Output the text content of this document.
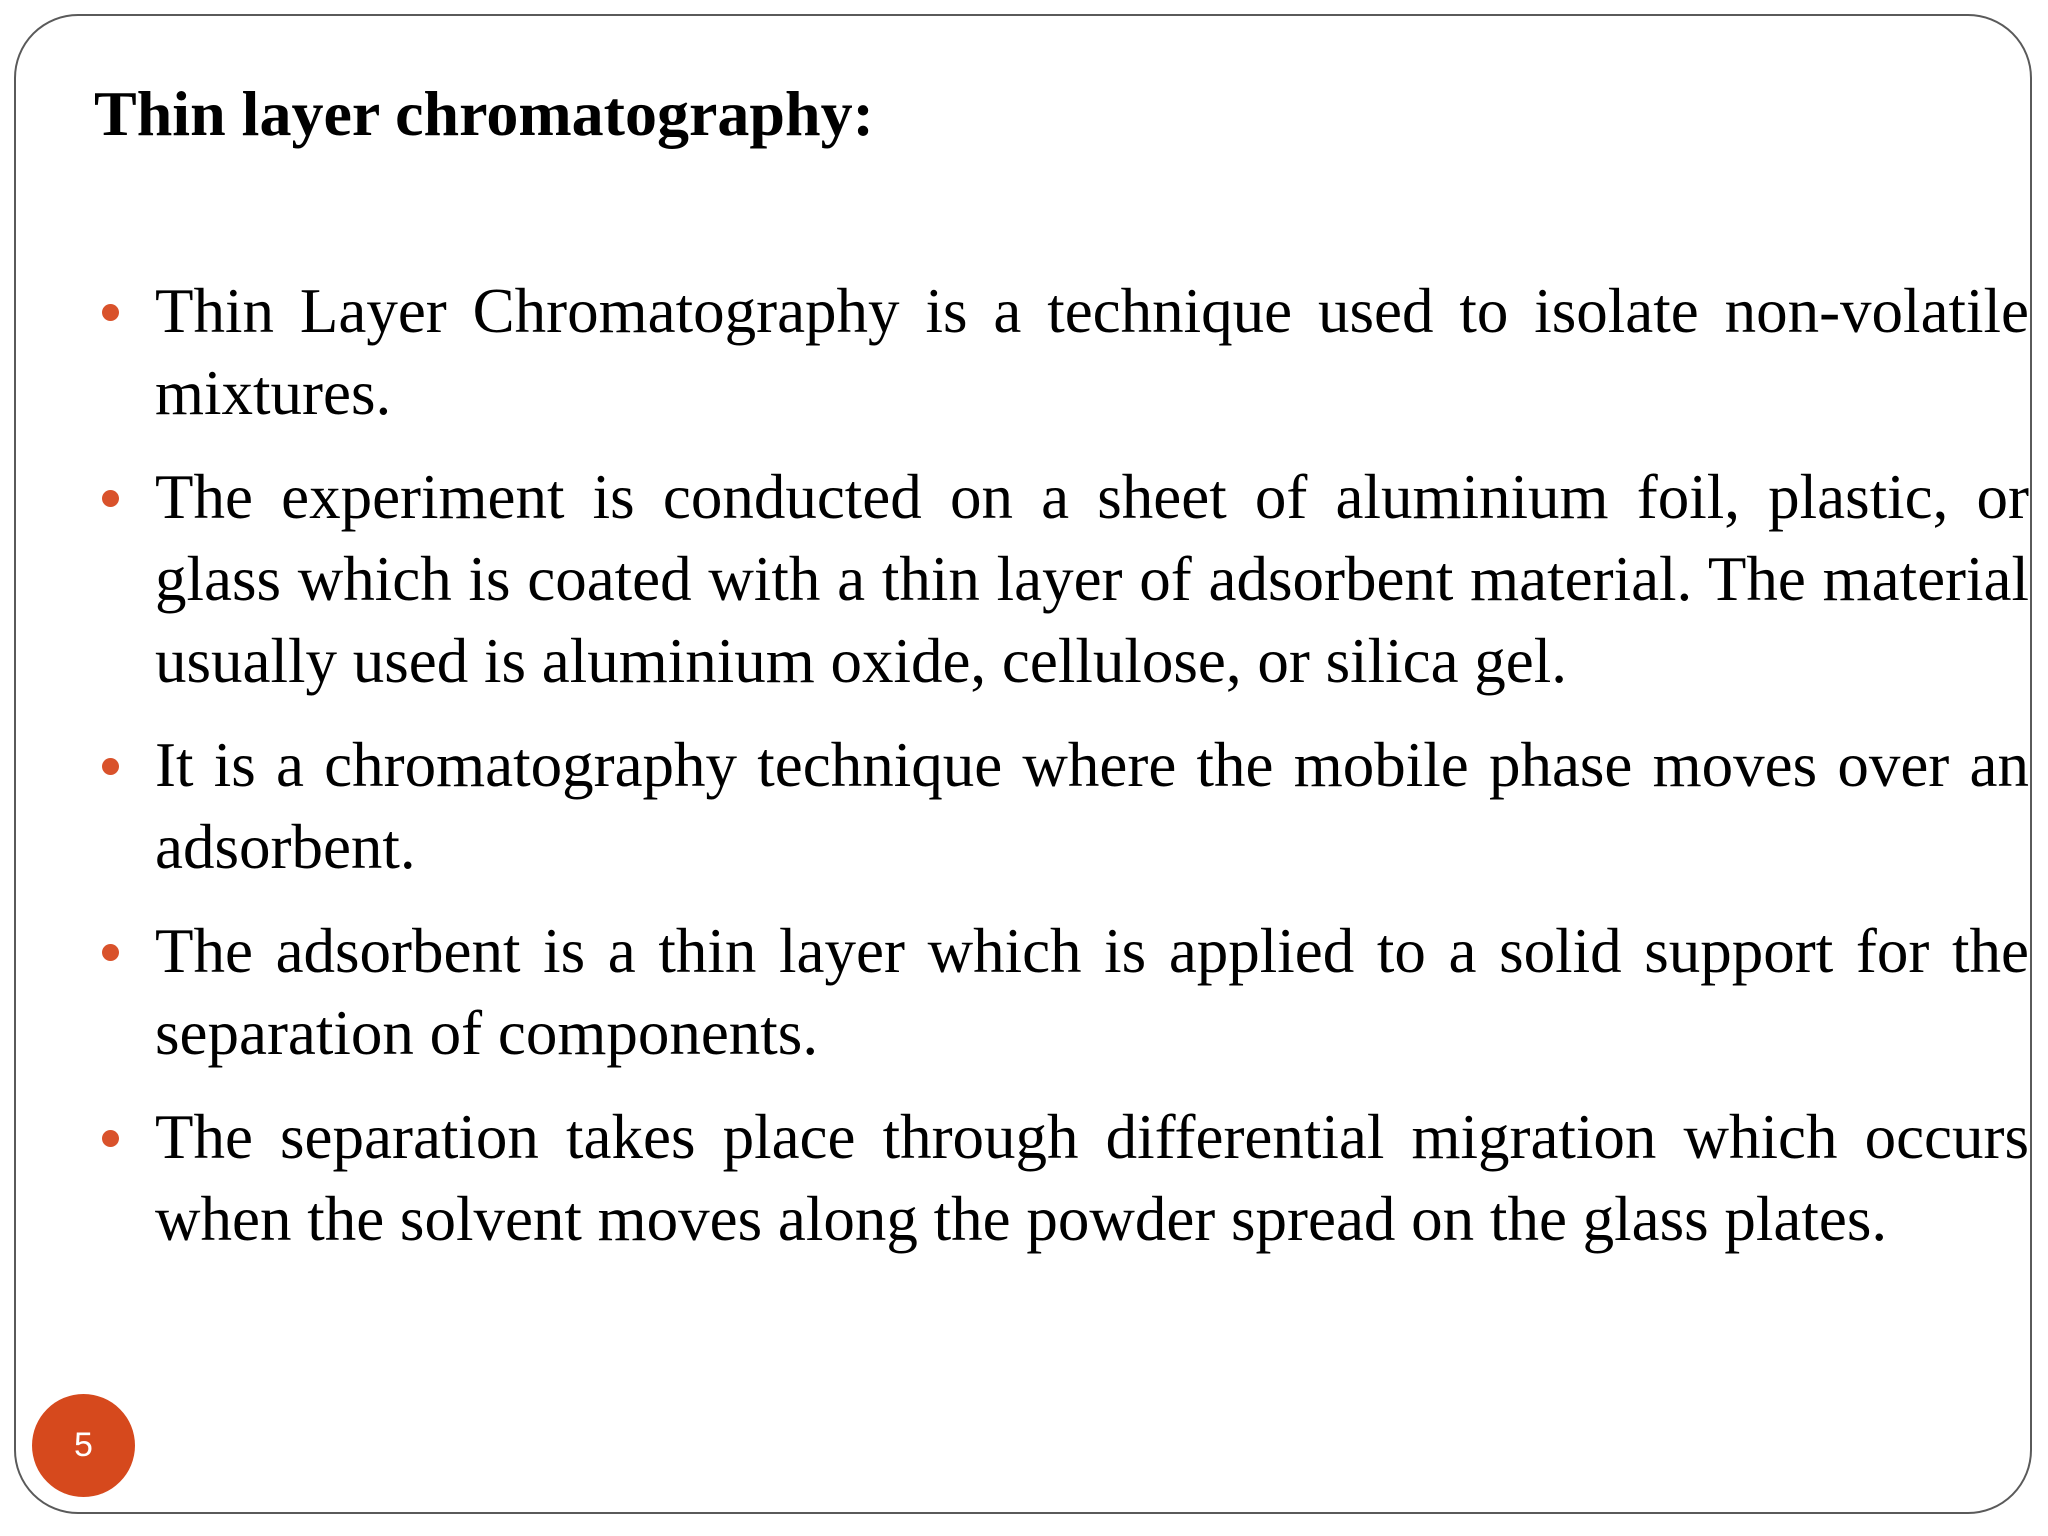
Thin layer chromatography:
Thin Layer Chromatography is a technique used to isolate non-volatile mixtures.
The experiment is conducted on a sheet of aluminium foil, plastic, or glass which is coated with a thin layer of adsorbent material. The material usually used is aluminium oxide, cellulose, or silica gel.
It is a chromatography technique where the mobile phase moves over an adsorbent.
The adsorbent is a thin layer which is applied to a solid support for the separation of components.
The separation takes place through differential migration which occurs when the solvent moves along the powder spread on the glass plates.
5
